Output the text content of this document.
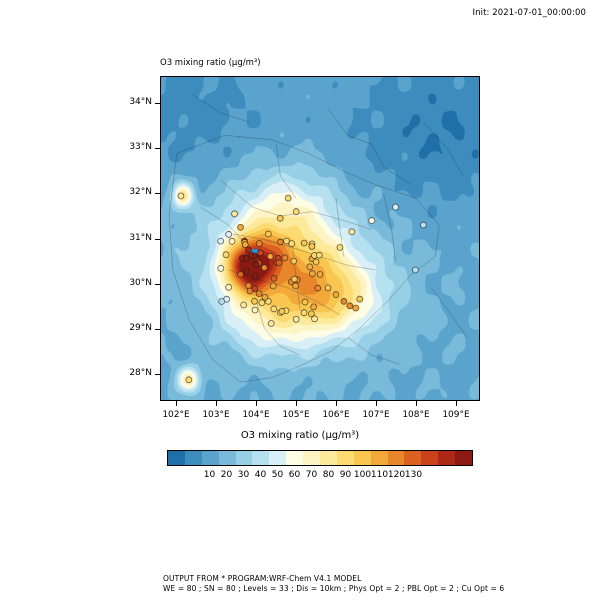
Init: 2021-07-01_00:00:00
O3 mixing ratio (µg/m³)
28°N
29°N
30°N
31°N
32°N
33°N
34°N
102°E	103°E	104°E	105°E	106°E	107°E	108°E	109°E
O3 mixing ratio (µg/m³)
10 20 30 40 50 60 70 80 90 100 110 120 130
OUTPUT FROM * PROGRAM:WRF-Chem V4.1 MODEL
WE = 80 ; SN = 80 ; Levels = 33 ; Dis = 10km ; Phys Opt = 2 ; PBL Opt = 2 ; Cu Opt = 6
